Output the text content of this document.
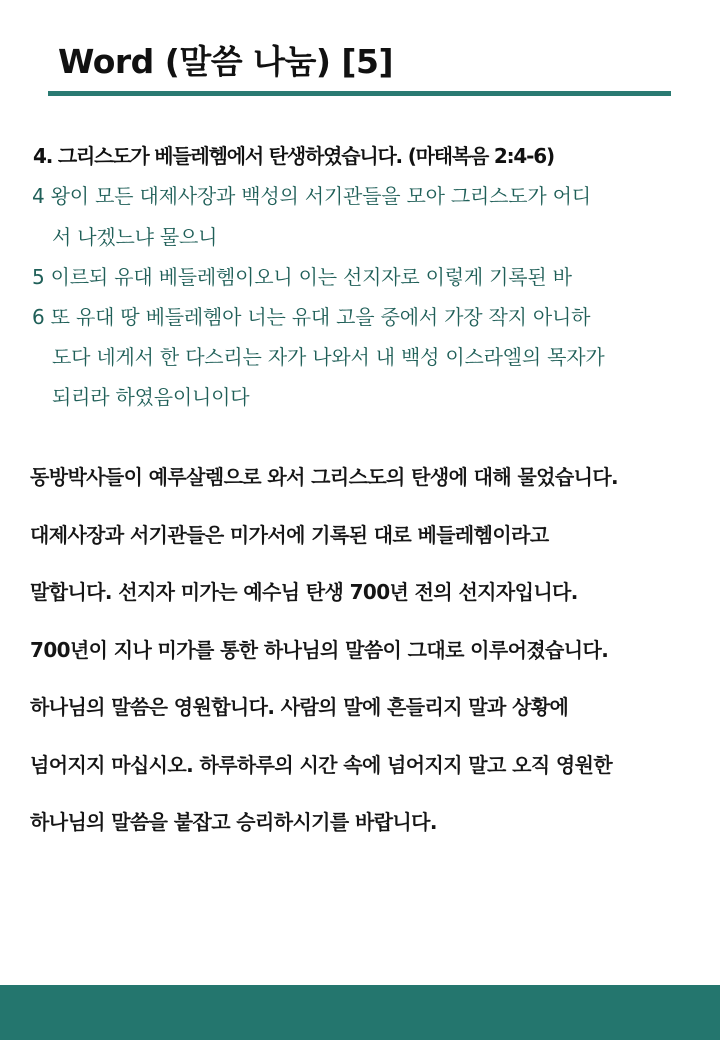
Word (말씀 나눔) [5]
4. 그리스도가 베들레헴에서 탄생하였습니다. (마태복음 2:4-6)
4 왕이 모든 대제사장과 백성의 서기관들을 모아 그리스도가 어디
서 나겠느냐 물으니
5 이르되 유대 베들레헴이오니 이는 선지자로 이렇게 기록된 바
6 또 유대 땅 베들레헴아 너는 유대 고을 중에서 가장 작지 아니하
도다 네게서 한 다스리는 자가 나와서 내 백성 이스라엘의 목자가
되리라 하였음이니이다
동방박사들이 예루살렘으로 와서 그리스도의 탄생에 대해 물었습니다.
대제사장과 서기관들은 미가서에 기록된 대로 베들레헴이라고
말합니다. 선지자 미가는 예수님 탄생 700년 전의 선지자입니다.
700년이 지나 미가를 통한 하나님의 말씀이 그대로 이루어졌습니다.
하나님의 말씀은 영원합니다. 사람의 말에 흔들리지 말과 상황에
넘어지지 마십시오. 하루하루의 시간 속에 넘어지지 말고 오직 영원한
하나님의 말씀을 붙잡고 승리하시기를 바랍니다.
